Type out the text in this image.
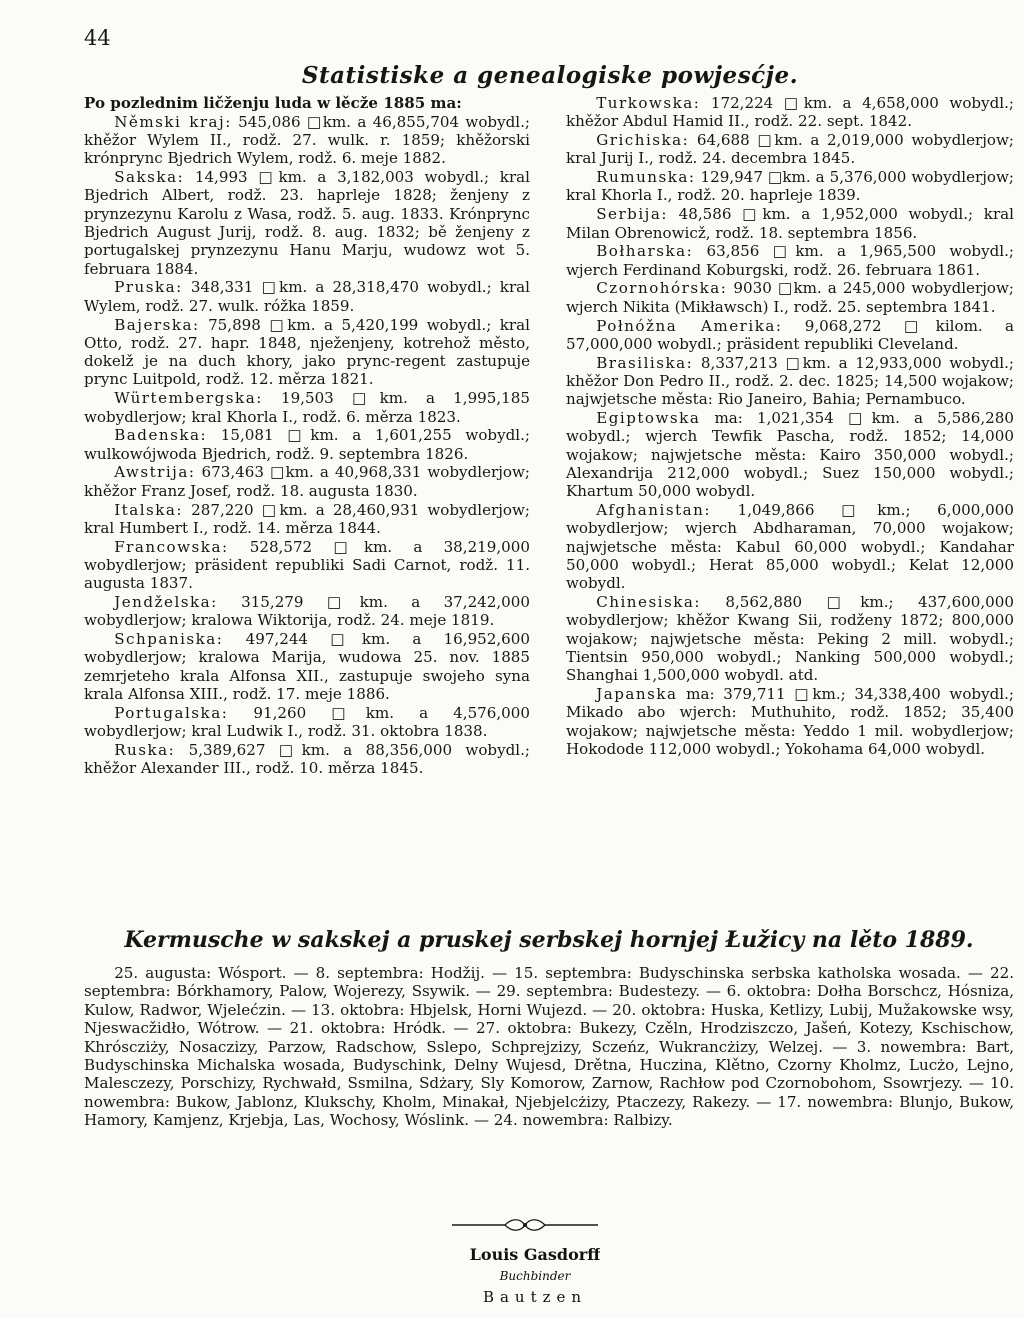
44
Statistiske a genealogiske powjesćje.

Po pozlednim ličženju luda w lěcže 1885 ma:

Němski kraj: 545,086 □km. a 46,855,704 wobydl.; khěžor Wylem II., rodž. 27. wulk. r. 1859; khěžorski krónprync Bjedrich Wylem, rodž. 6. meje 1882.

Sakska: 14,993 □km. a 3,182,003 wobydl.; kral Bjedrich Albert, rodž. 23. haprleje 1828; ženjeny z prynzezynu Karolu z Wasa, rodž. 5. aug. 1833. Krónprync Bjedrich August Jurij, rodž. 8. aug. 1832; bě ženjeny z portugalskej prynzezynu Hanu Marju, wudowz wot 5. februara 1884.

Pruska: 348,331 □km. a 28,318,470 wobydl.; kral Wylem, rodž. 27. wulk. róžka 1859.

Bajerska: 75,898 □km. a 5,420,199 wobydl.; kral Otto, rodž. 27. hapr. 1848, nježenjeny, kotrehož město, dokelž je na duch khory, jako prync-regent zastupuje prync Luitpold, rodž. 12. měrza 1821.

Würtembergska: 19,503 □km. a 1,995,185 wobydlerjow; kral Khorla I., rodž. 6. měrza 1823.

Badenska: 15,081 □km. a 1,601,255 wobydl.; wulkowójwoda Bjedrich, rodž. 9. septembra 1826.

Awstrija: 673,463 □km. a 40,968,331 wobydlerjow; khěžor Franz Josef, rodž. 18. augusta 1830.

Italska: 287,220 □km. a 28,460,931 wobydlerjow; kral Humbert I., rodž. 14. měrza 1844.

Francowska: 528,572 □km. a 38,219,000 wobydlerjow; präsident republiki Sadi Carnot, rodž. 11. augusta 1837.

Jendželska: 315,279 □km. a 37,242,000 wobydlerjow; kralowa Wiktorija, rodž. 24. meje 1819.

Schpaniska: 497,244 □km. a 16,952,600 wobydlerjow; kralowa Marija, wudowa 25. nov. 1885 zemrjeteho krala Alfonsa XII., zastupuje swojeho syna krala Alfonsa XIII., rodž. 17. meje 1886.

Portugalska: 91,260 □km. a 4,576,000 wobydlerjow; kral Ludwik I., rodž. 31. oktobra 1838.

Ruska: 5,389,627 □km. a 88,356,000 wobydl.; khěžor Alexander III., rodž. 10. měrza 1845.

Turkowska: 172,224 □km. a 4,658,000 wobydl.; khěžor Abdul Hamid II., rodž. 22. sept. 1842.

Grichiska: 64,688 □km. a 2,019,000 wobydlerjow; kral Jurij I., rodž. 24. decembra 1845.

Rumunska: 129,947 □km. a 5,376,000 wobydlerjow; kral Khorla I., rodž. 20. haprleje 1839.

Serbija: 48,586 □km. a 1,952,000 wobydl.; kral Milan Obrenowicž, rodž. 18. septembra 1856.

Bołharska: 63,856 □km. a 1,965,500 wobydl.; wjerch Ferdinand Koburgski, rodž. 26. februara 1861.

Czornohórska: 9030 □km. a 245,000 wobydlerjow; wjerch Nikita (Mikławsch) I., rodž. 25. septembra 1841.

Połnóžna Amerika: 9,068,272 □kilom. a 57,000,000 wobydl.; präsident republiki Cleveland.

Brasiliska: 8,337,213 □km. a 12,933,000 wobydl.; khěžor Don Pedro II., rodž. 2. dec. 1825; 14,500 wojakow; najwjetsche města: Rio Janeiro, Bahia; Pernambuco.

Egiptowska ma: 1,021,354 □km. a 5,586,280 wobydl.; wjerch Tewfik Pascha, rodž. 1852; 14,000 wojakow; najwjetsche města: Kairo 350,000 wobydl.; Alexandrija 212,000 wobydl.; Suez 150,000 wobydl.; Khartum 50,000 wobydl.

Afghanistan: 1,049,866 □km.; 6,000,000 wobydlerjow; wjerch Abdharaman, 70,000 wojakow; najwjetsche města: Kabul 60,000 wobydl.; Kandahar 50,000 wobydl.; Herat 85,000 wobydl.; Kelat 12,000 wobydl.

Chinesiska: 8,562,880 □km.; 437,600,000 wobydlerjow; khěžor Kwang Sii, rodženy 1872; 800,000 wojakow; najwjetsche města: Peking 2 mill. wobydl.; Tientsin 950,000 wobydl.; Nanking 500,000 wobydl.; Shanghai 1,500,000 wobydl. atd.

Japanska ma: 379,711 □km.; 34,338,400 wobydl.; Mikado abo wjerch: Muthuhito, rodž. 1852; 35,400 wojakow; najwjetsche města: Yeddo 1 mil. wobydlerjow; Hokodode 112,000 wobydl.; Yokohama 64,000 wobydl.

Kermusche w sakskej a pruskej serbskej hornjej Łužicy na lěto 1889.

25. augusta: Wósport. — 8. septembra: Hodžij. — 15. septembra: Budyschinska serbska katholska wosada. — 22. septembra: Bórkhamory, Palow, Wojerezy, Ssywik. — 29. septembra: Budestezy. — 6. oktobra: Dołha Borschcz, Hósniza, Kulow, Radwor, Wjelećzin. — 13. oktobra: Hbjelsk, Horni Wujezd. — 20. oktobra: Huska, Ketlizy, Lubij, Mužakowske wsy, Njeswacžidło, Wótrow. — 21. oktobra: Hródk. — 27. oktobra: Bukezy, Czěln, Hrodziszczo, Jašeń, Kotezy, Kschischow, Khróscziży, Nosaczizy, Parzow, Radschow, Sslepo, Schprejzizy, Sczeńz, Wukrancżizy, Welzej. — 3. nowembra: Bart, Budyschinska Michalska wosada, Budyschink, Delny Wujesd, Drětna, Huczina, Klětno, Czorny Kholmz, Lucżo, Lejno, Malesczezy, Porschizy, Rychwałd, Ssmilna, Sdżary, Sly Komorow, Zarnow, Rachłow pod Czornobohom, Ssowrjezy. — 10. nowembra: Bukow, Jablonz, Klukschy, Kholm, Minakał, Njebjelcżizy, Ptaczezy, Rakezy. — 17. nowembra: Blunjo, Bukow, Hamory, Kamjenz, Krjebja, Las, Wochosy, Wóslink. — 24. nowembra: Ralbizy.

Louis Gasdorff
Buchbinder
Bautzen
